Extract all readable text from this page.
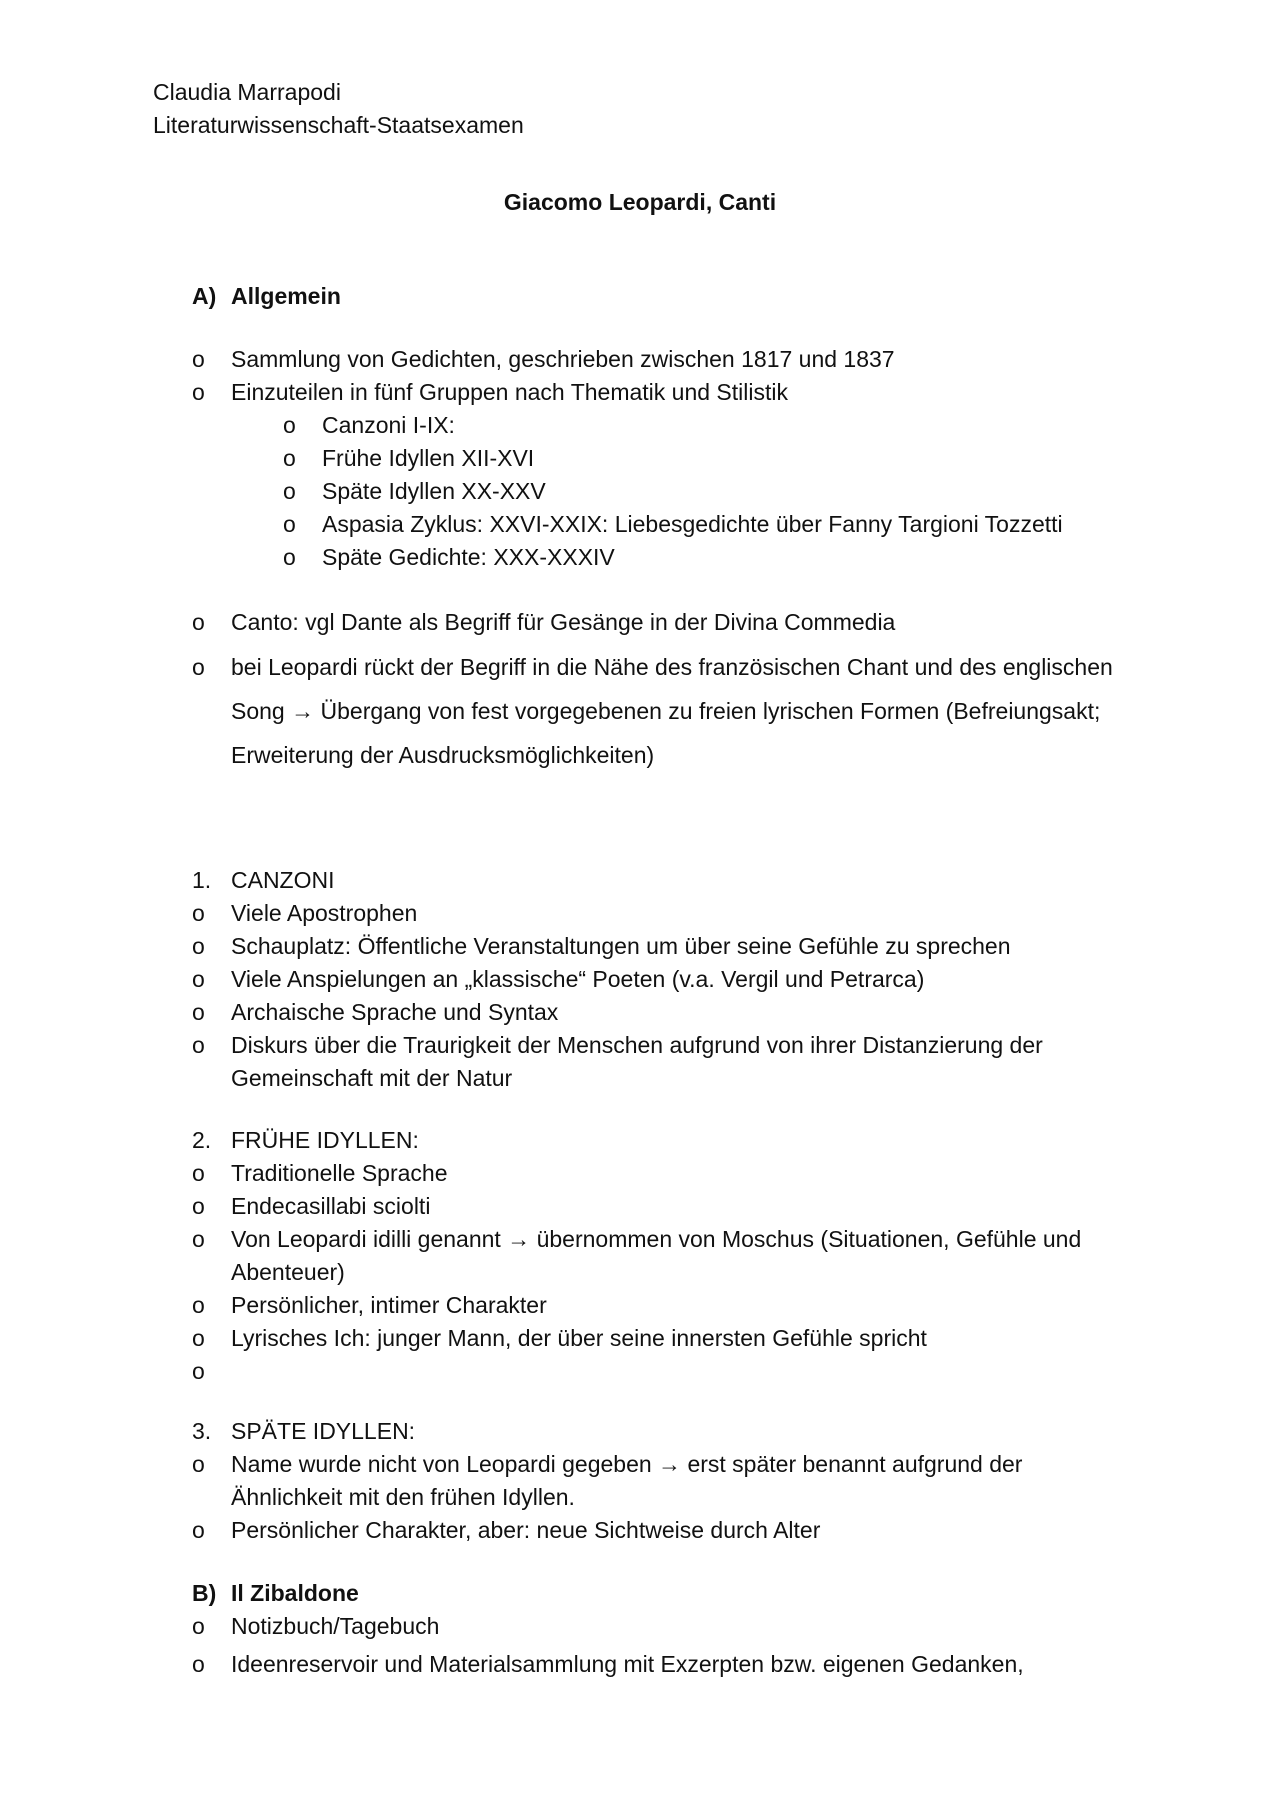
Claudia Marrapodi
Literaturwissenschaft-Staatsexamen
Giacomo Leopardi, Canti
A) Allgemein
o Sammlung von Gedichten, geschrieben zwischen 1817 und 1837
o Einzuteilen in fünf Gruppen nach Thematik und Stilistik
o Canzoni I-IX:
o Frühe Idyllen XII-XVI
o Späte Idyllen XX-XXV
o Aspasia Zyklus: XXVI-XXIX: Liebesgedichte über Fanny Targioni Tozzetti
o Späte Gedichte: XXX-XXXIV
o Canto: vgl Dante als Begriff für Gesänge in der Divina Commedia
o bei Leopardi rückt der Begriff in die Nähe des französischen Chant und des englischen
Song → Übergang von fest vorgegebenen zu freien lyrischen Formen (Befreiungsakt;
Erweiterung der Ausdrucksmöglichkeiten)
1. CANZONI
o Viele Apostrophen
o Schauplatz: Öffentliche Veranstaltungen um über seine Gefühle zu sprechen
o Viele Anspielungen an „klassische“ Poeten (v.a. Vergil und Petrarca)
o Archaische Sprache und Syntax
o Diskurs über die Traurigkeit der Menschen aufgrund von ihrer Distanzierung der
Gemeinschaft mit der Natur
2. FRÜHE IDYLLEN:
o Traditionelle Sprache
o Endecasillabi sciolti
o Von Leopardi idilli genannt → übernommen von Moschus (Situationen, Gefühle und
Abenteuer)
o Persönlicher, intimer Charakter
o Lyrisches Ich: junger Mann, der über seine innersten Gefühle spricht
o
3. SPÄTE IDYLLEN:
o Name wurde nicht von Leopardi gegeben → erst später benannt aufgrund der
Ähnlichkeit mit den frühen Idyllen.
o Persönlicher Charakter, aber: neue Sichtweise durch Alter
B) Il Zibaldone
o Notizbuch/Tagebuch
o Ideenreservoir und Materialsammlung mit Exzerpten bzw. eigenen Gedanken,
